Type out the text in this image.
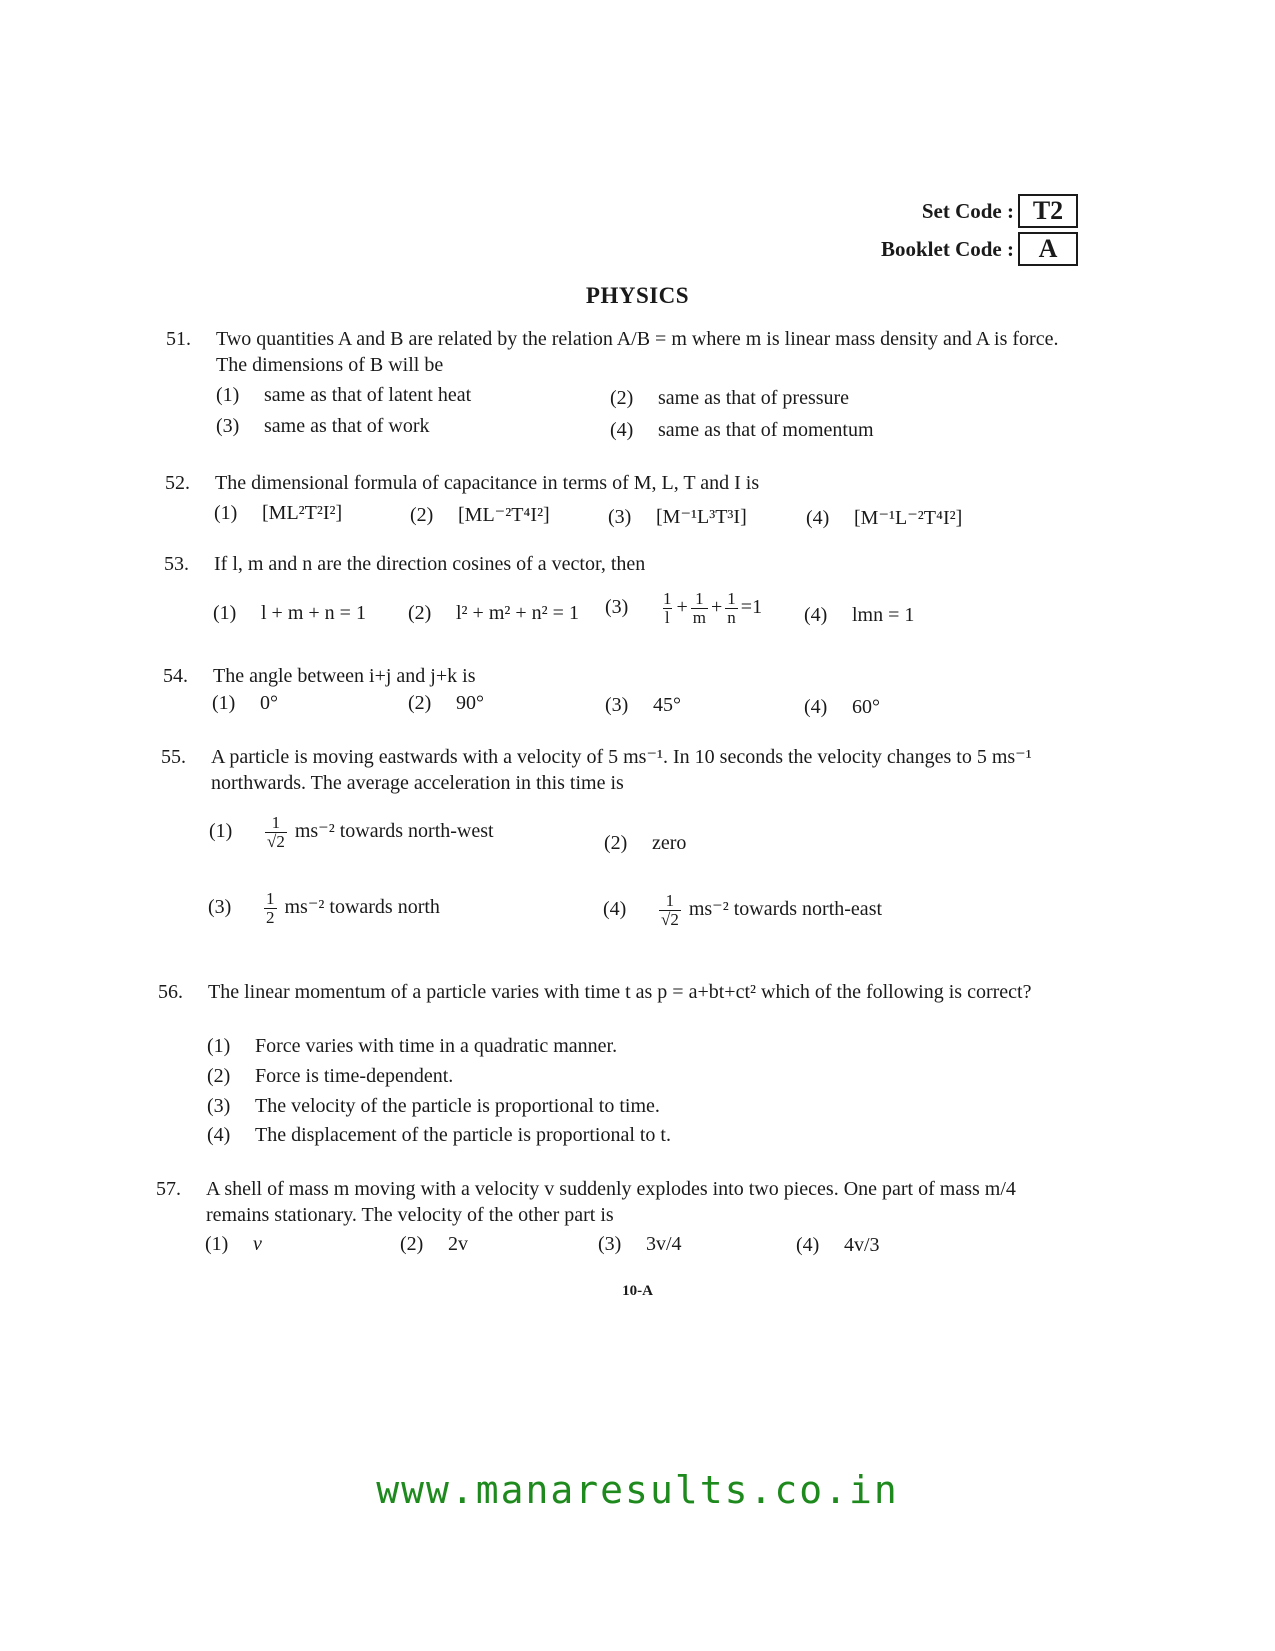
Set Code : T2
Booklet Code : A
PHYSICS
51. Two quantities A and B are related by the relation A/B = m where m is linear mass density and A is force. The dimensions of B will be
(1) same as that of latent heat	(2) same as that of pressure
(3) same as that of work	(4) same as that of momentum
52. The dimensional formula of capacitance in terms of M, L, T and I is
(1) [ML²T²I²]	(2) [ML⁻²T⁴I²]	(3) [M⁻¹L³T³I]	(4) [M⁻¹L⁻²T⁴I²]
53. If l, m and n are the direction cosines of a vector, then
(1) l + m + n = 1 (2) l² + m² + n² = 1 $(3) \frac{1}{l} + \frac{1}{m} + \frac{1}{n} =1$ (4) lmn = 1
54. The angle between i+j and j+k is
(1) 0°	(2) 90°	(3) 45°	(4) 60°
55. A particle is moving eastwards with a velocity of 5 ms⁻¹. In 10 seconds the velocity changes to 5 ms⁻¹ northwards. The average acceleration in this time is
$(1) \frac{1}{√2} ms^{-2}$ towards north-west
(2) zero
$(3) \frac{1}{2} ms^{-2}$ towards north	$(4) \frac{1}{√2} ms^{-2}$ towards north-east
56. The linear momentum of a particle varies with time t as p = a+bt+ct² which of the following is correct?
(1) Force varies with time in a quadratic manner.
(2) Force is time-dependent.
(3) The velocity of the particle is proportional to time.
(4) The displacement of the particle is proportional to t.
57. A shell of mass m moving with a velocity v suddenly explodes into two pieces. One part of mass m/4 remains stationary. The velocity of the other part is
(1) v	(2) 2v	(3) 3v/4	(4) 4v/3
10-A
www.manaresults.co.in
